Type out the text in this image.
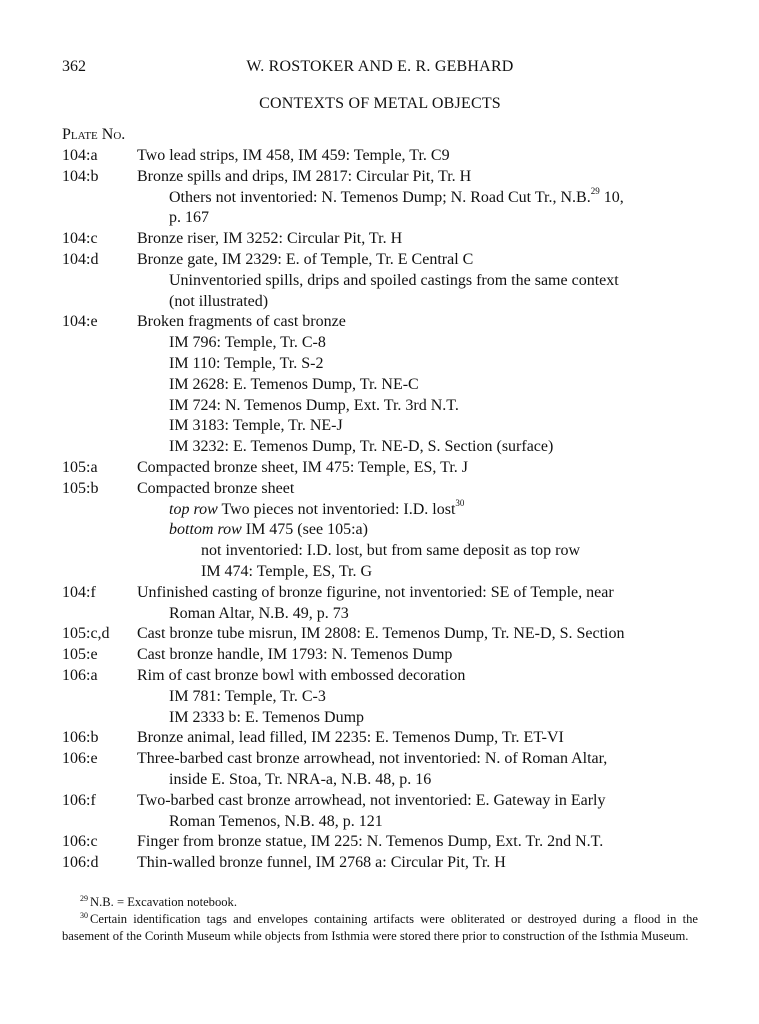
362	W. ROSTOKER AND E. R. GEBHARD
CONTEXTS OF METAL OBJECTS
Plate No.
104:a	Two lead strips, IM 458, IM 459: Temple, Tr. C9
104:b	Bronze spills and drips, IM 2817: Circular Pit, Tr. H
Others not inventoried: N. Temenos Dump; N. Road Cut Tr., N.B.$^{29}$ 10,
p. 167
104:c	Bronze riser, IM 3252: Circular Pit, Tr. H
104:d	Bronze gate, IM 2329: E. of Temple, Tr. E Central C
Uninventoried spills, drips and spoiled castings from the same context
(not illustrated)
104:e	Broken fragments of cast bronze
IM 796: Temple, Tr. C-8
IM 110: Temple, Tr. S-2
IM 2628: E. Temenos Dump, Tr. NE-C
IM 724: N. Temenos Dump, Ext. Tr. 3rd N.T.
IM 3183: Temple, Tr. NE-J
IM 3232: E. Temenos Dump, Tr. NE-D, S. Section (surface)
105:a	Compacted bronze sheet, IM 475: Temple, ES, Tr. J
105:b	Compacted bronze sheet
top row Two pieces not inventoried: I.D. lost$^{30}$
bottom row IM 475 (see 105:a)
not inventoried: I.D. lost, but from same deposit as top row
IM 474: Temple, ES, Tr. G
104:f	Unfinished casting of bronze figurine, not inventoried: SE of Temple, near
Roman Altar, N.B. 49, p. 73
105:c,d	Cast bronze tube misrun, IM 2808: E. Temenos Dump, Tr. NE-D, S. Section
105:e	Cast bronze handle, IM 1793: N. Temenos Dump
106:a	Rim of cast bronze bowl with embossed decoration
IM 781: Temple, Tr. C-3
IM 2333 b: E. Temenos Dump
106:b	Bronze animal, lead filled, IM 2235: E. Temenos Dump, Tr. ET-VI
106:e	Three-barbed cast bronze arrowhead, not inventoried: N. of Roman Altar,
inside E. Stoa, Tr. NRA-a, N.B. 48, p. 16
106:f	Two-barbed cast bronze arrowhead, not inventoried: E. Gateway in Early
Roman Temenos, N.B. 48, p. 121
106:c	Finger from bronze statue, IM 225: N. Temenos Dump, Ext. Tr. 2nd N.T.
106:d	Thin-walled bronze funnel, IM 2768 a: Circular Pit, Tr. H

$^{29}$ N.B. = Excavation notebook.

$^{30}$ Certain identification tags and envelopes containing artifacts were obliterated or destroyed during a flood in the basement of the Corinth Museum while objects from Isthmia were stored there prior to construction of the Isthmia Museum.
